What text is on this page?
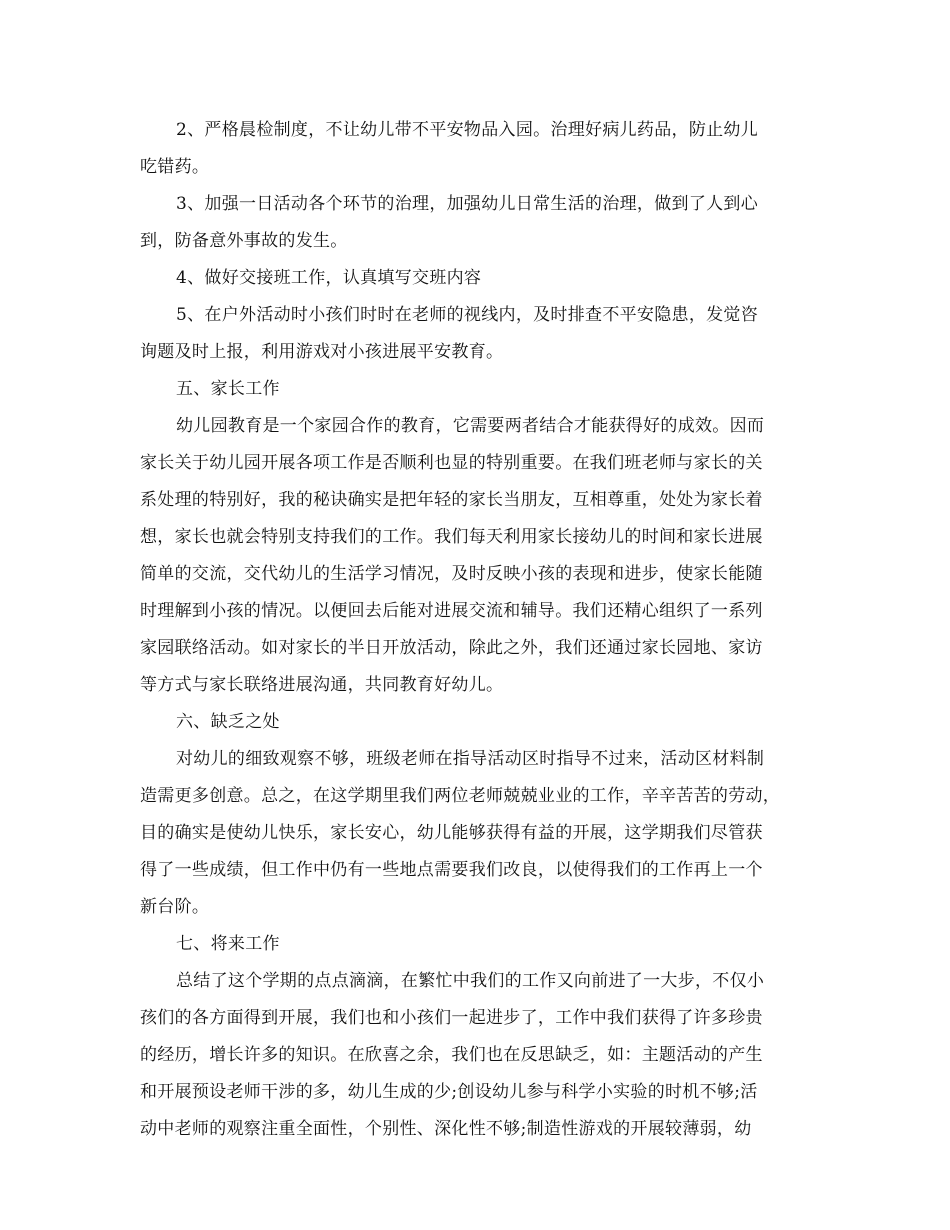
2、严格晨检制度，不让幼儿带不平安物品入园。治理好病儿药品，防止幼儿
吃错药。
3、加强一日活动各个环节的治理，加强幼儿日常生活的治理，做到了人到心
到，防备意外事故的发生。
4、做好交接班工作，认真填写交班内容
5、在户外活动时小孩们时时在老师的视线内，及时排查不平安隐患，发觉咨
询题及时上报，利用游戏对小孩进展平安教育。
五、家长工作
幼儿园教育是一个家园合作的教育，它需要两者结合才能获得好的成效。因而
家长关于幼儿园开展各项工作是否顺利也显的特别重要。在我们班老师与家长的关
系处理的特别好，我的秘诀确实是把年轻的家长当朋友，互相尊重，处处为家长着
想，家长也就会特别支持我们的工作。我们每天利用家长接幼儿的时间和家长进展
简单的交流，交代幼儿的生活学习情况，及时反映小孩的表现和进步，使家长能随
时理解到小孩的情况。以便回去后能对进展交流和辅导。我们还精心组织了一系列
家园联络活动。如对家长的半日开放活动，除此之外，我们还通过家长园地、家访
等方式与家长联络进展沟通，共同教育好幼儿。
六、缺乏之处
对幼儿的细致观察不够，班级老师在指导活动区时指导不过来，活动区材料制
造需更多创意。总之，在这学期里我们两位老师兢兢业业的工作，辛辛苦苦的劳动，
目的确实是使幼儿快乐，家长安心，幼儿能够获得有益的开展，这学期我们尽管获
得了一些成绩，但工作中仍有一些地点需要我们改良，以使得我们的工作再上一个
新台阶。
七、将来工作
总结了这个学期的点点滴滴，在繁忙中我们的工作又向前进了一大步，不仅小
孩们的各方面得到开展，我们也和小孩们一起进步了，工作中我们获得了许多珍贵
的经历，增长许多的知识。在欣喜之余，我们也在反思缺乏，如：主题活动的产生
和开展预设老师干涉的多，幼儿生成的少;创设幼儿参与科学小实验的时机不够;活
动中老师的观察注重全面性，个别性、深化性不够;制造性游戏的开展较薄弱，幼
